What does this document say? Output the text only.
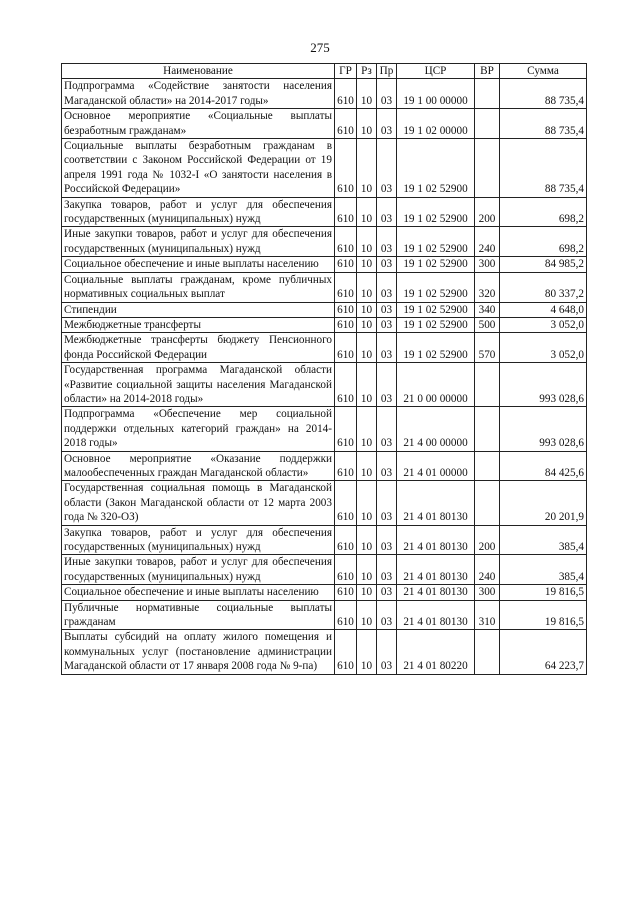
275
Наименование	ГР	Рз	Пр	ЦСР	ВР	Сумма
Подпрограмма «Содействие занятости населения Магаданской области» на 2014-2017 годы»	610	10	03	19 1 00 00000		88 735,4
Основное мероприятие «Социальные выплаты безработным гражданам»	610	10	03	19 1 02 00000		88 735,4
Социальные выплаты безработным гражданам в соответствии с Законом Российской Федерации от 19 апреля 1991 года № 1032-I «О занятости населения в Российской Федерации»	610	10	03	19 1 02 52900		88 735,4
Закупка товаров, работ и услуг для обеспечения государственных (муниципальных) нужд	610	10	03	19 1 02 52900	200	698,2
Иные закупки товаров, работ и услуг для обеспечения государственных (муниципальных) нужд	610	10	03	19 1 02 52900	240	698,2
Социальное обеспечение и иные выплаты населению	610	10	03	19 1 02 52900	300	84 985,2
Социальные выплаты гражданам, кроме публичных нормативных социальных выплат	610	10	03	19 1 02 52900	320	80 337,2
Стипендии	610	10	03	19 1 02 52900	340	4 648,0
Межбюджетные трансферты	610	10	03	19 1 02 52900	500	3 052,0
Межбюджетные трансферты бюджету Пенсионного фонда Российской Федерации	610	10	03	19 1 02 52900	570	3 052,0
Государственная программа Магаданской области «Развитие социальной защиты населения Магаданской области» на 2014-2018 годы»	610	10	03	21 0 00 00000		993 028,6
Подпрограмма «Обеспечение мер социальной поддержки отдельных категорий граждан» на 2014-2018 годы»	610	10	03	21 4 00 00000		993 028,6
Основное мероприятие «Оказание поддержки малообеспеченных граждан Магаданской области»	610	10	03	21 4 01 00000		84 425,6
Государственная социальная помощь в Магаданской области (Закон Магаданской области от 12 марта 2003 года № 320-ОЗ)	610	10	03	21 4 01 80130		20 201,9
Закупка товаров, работ и услуг для обеспечения государственных (муниципальных) нужд	610	10	03	21 4 01 80130	200	385,4
Иные закупки товаров, работ и услуг для обеспечения государственных (муниципальных) нужд	610	10	03	21 4 01 80130	240	385,4
Социальное обеспечение и иные выплаты населению	610	10	03	21 4 01 80130	300	19 816,5
Публичные нормативные социальные выплаты гражданам	610	10	03	21 4 01 80130	310	19 816,5
Выплаты субсидий на оплату жилого помещения и коммунальных услуг (постановление администрации Магаданской области от 17 января 2008 года № 9-па)	610	10	03	21 4 01 80220		64 223,7
